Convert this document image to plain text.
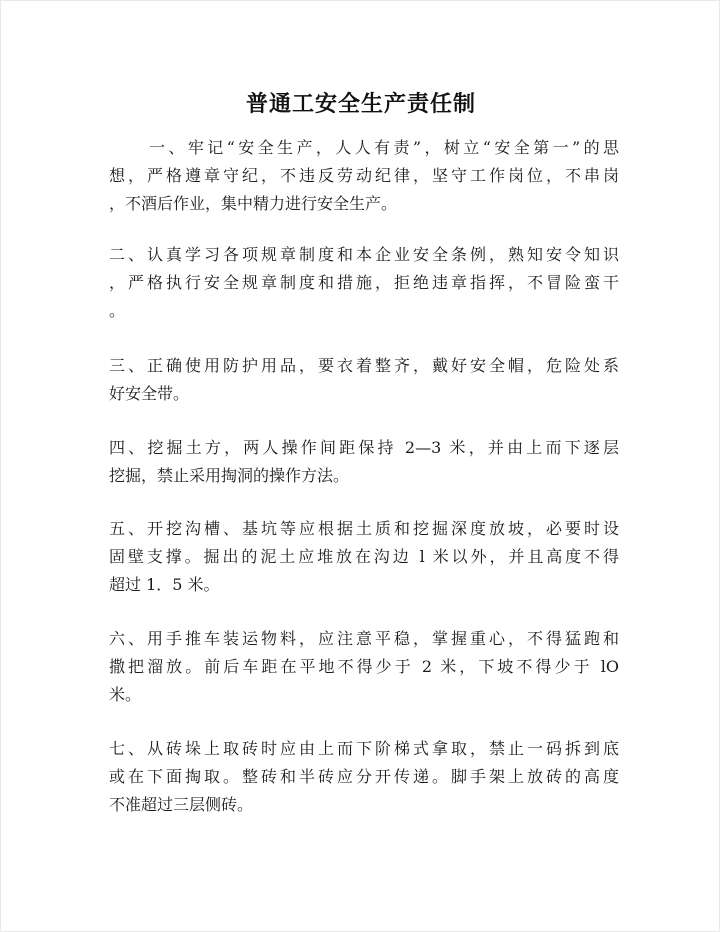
普通工安全生产责任制
一、牢记“安全生产，人人有责”，树立“安全第一”的思
想，严格遵章守纪，不违反劳动纪律，坚守工作岗位，不串岗
，不酒后作业，集中精力进行安全生产。
二、认真学习各项规章制度和本企业安全条例，熟知安令知识
，严格执行安全规章制度和措施，拒绝违章指挥，不冒险蛮干
。
三、正确使用防护用品，要衣着整齐，戴好安全帽，危险处系
好安全带。
四、挖掘土方，两人操作间距保持 2—3 米，并由上而下逐层
挖掘，禁止采用掏洞的操作方法。
五、开挖沟槽、基坑等应根据土质和挖掘深度放坡，必要时设
固壁支撑。掘出的泥土应堆放在沟边 l 米以外，并且高度不得
超过 1．5 米。
六、用手推车装运物料，应注意平稳，掌握重心，不得猛跑和
撒把溜放。前后车距在平地不得少于 2 米，下坡不得少于 lO
米。
七、从砖垛上取砖时应由上而下阶梯式拿取，禁止一码拆到底
或在下面掏取。整砖和半砖应分开传递。脚手架上放砖的高度
不准超过三层侧砖。
